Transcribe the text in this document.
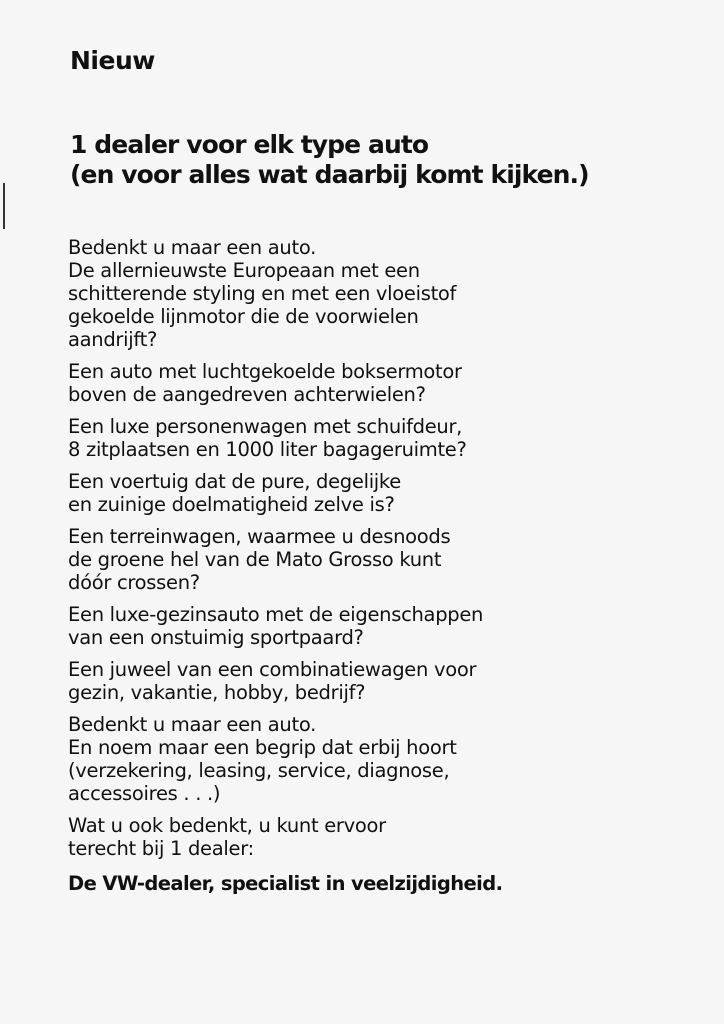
Nieuw
1 dealer voor elk type auto
(en voor alles wat daarbij komt kijken.)

Bedenkt u maar een auto.
De allernieuwste Europeaan met een
schitterende styling en met een vloeistof
gekoelde lijnmotor die de voorwielen
aandrijft?

Een auto met luchtgekoelde boksermotor
boven de aangedreven achterwielen?

Een luxe personenwagen met schuifdeur,
8 zitplaatsen en 1000 liter bagageruimte?

Een voertuig dat de pure, degelijke
en zuinige doelmatigheid zelve is?

Een terreinwagen, waarmee u desnoods
de groene hel van de Mato Grosso kunt
dóór crossen?

Een luxe-gezinsauto met de eigenschappen
van een onstuimig sportpaard?

Een juweel van een combinatiewagen voor
gezin, vakantie, hobby, bedrijf?

Bedenkt u maar een auto.
En noem maar een begrip dat erbij hoort
(verzekering, leasing, service, diagnose,
accessoires . . .)

Wat u ook bedenkt, u kunt ervoor
terecht bij 1 dealer:

De VW-dealer, specialist in veelzijdigheid.
